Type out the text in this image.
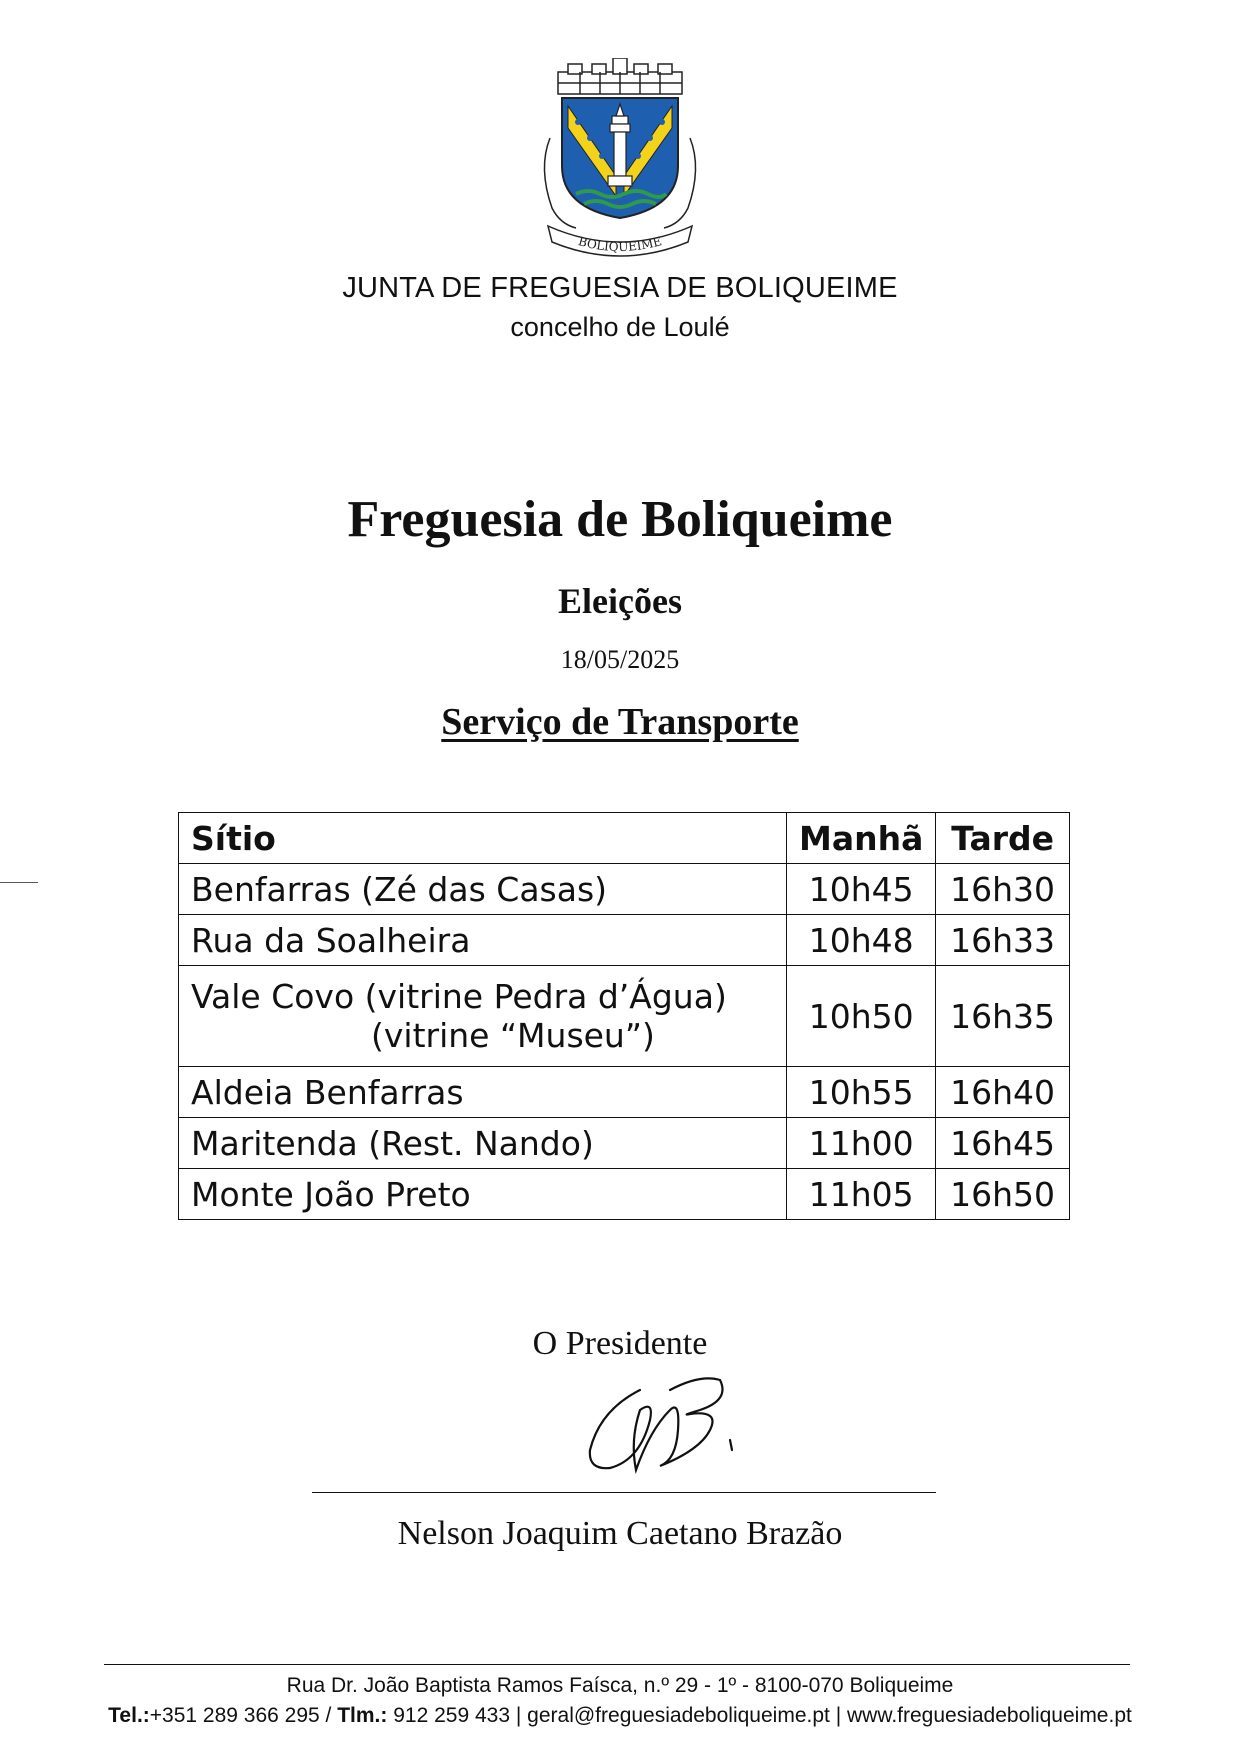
BOLIQUEIME
JUNTA DE FREGUESIA DE BOLIQUEIME
concelho de Loulé
Freguesia de Boliqueime
Eleições
18/05/2025
Serviço de Transporte
Sítio	Manhã	Tarde
Benfarras (Zé das Casas)	10h45	16h30
Rua da Soalheira	10h48	16h33

Vale Covo (vitrine Pedra d’Água)
(vitrine “Museu”)	10h50	16h35
Aldeia Benfarras	10h55	16h40
Maritenda (Rest. Nando)	11h00	16h45
Monte João Preto	11h05	16h50
O Presidente
Nelson Joaquim Caetano Brazão
Rua Dr. João Baptista Ramos Faísca, n.º 29 - 1º - 8100-070 Boliqueime
Tel.:+351 289 366 295 / Tlm.: 912 259 433 | geral@freguesiadeboliqueime.pt | www.freguesiadeboliqueime.pt
